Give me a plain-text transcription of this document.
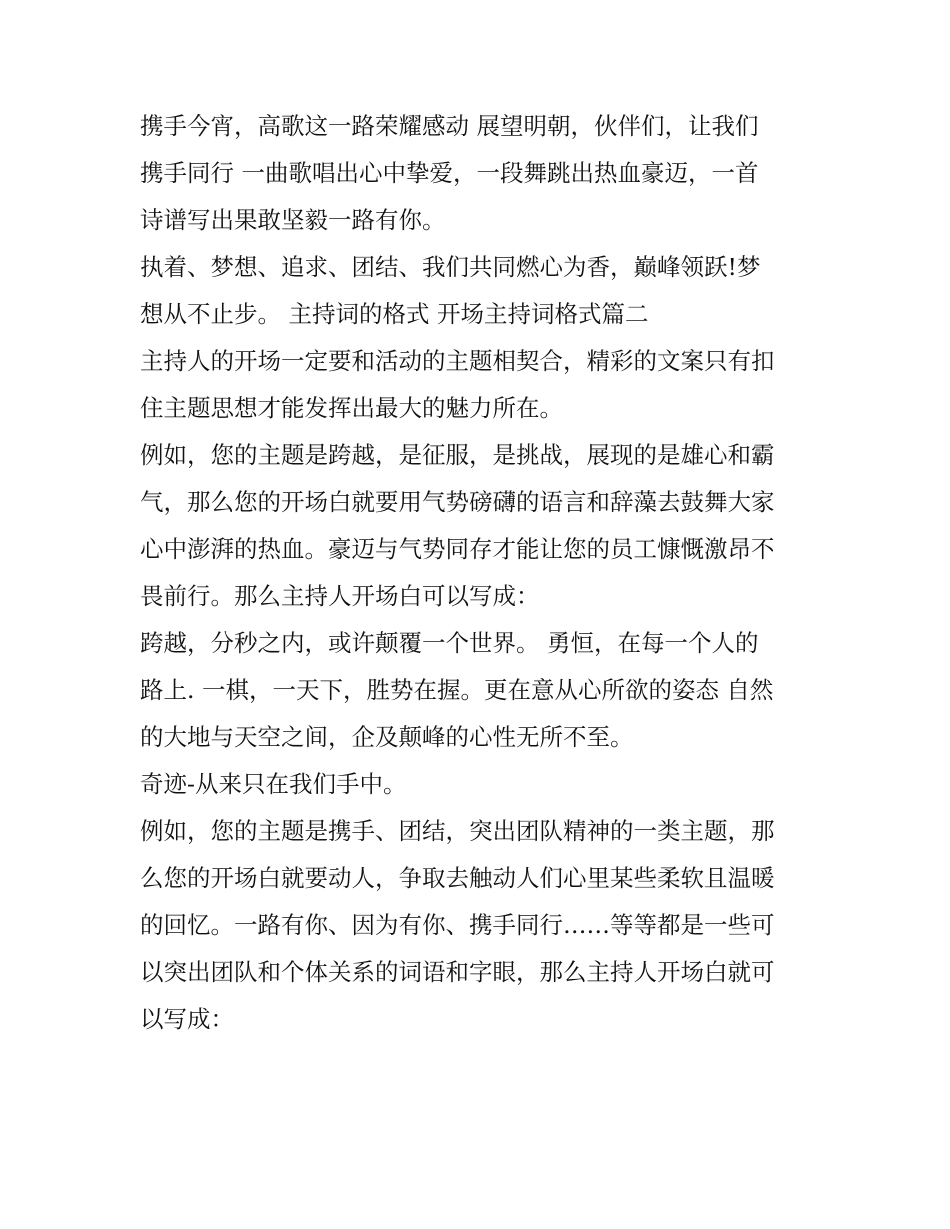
携手今宵，高歌这一路荣耀感动 展望明朝，伙伴们，让我们
携手同行 一曲歌唱出心中挚爱，一段舞跳出热血豪迈，一首
诗谱写出果敢坚毅一路有你。
执着、梦想、追求、团结、我们共同燃心为香，巅峰领跃!梦
想从不止步。 主持词的格式 开场主持词格式篇二
主持人的开场一定要和活动的主题相契合，精彩的文案只有扣
住主题思想才能发挥出最大的魅力所在。
例如，您的主题是跨越，是征服，是挑战，展现的是雄心和霸
气，那么您的开场白就要用气势磅礴的语言和辞藻去鼓舞大家
心中澎湃的热血。豪迈与气势同存才能让您的员工慷慨激昂不
畏前行。那么主持人开场白可以写成：
跨越，分秒之内，或许颠覆一个世界。 勇恒，在每一个人的
路上. 一棋，一天下，胜势在握。更在意从心所欲的姿态 自然
的大地与天空之间，企及颠峰的心性无所不至。
奇迹-从来只在我们手中。
例如，您的主题是携手、团结，突出团队精神的一类主题，那
么您的开场白就要动人，争取去触动人们心里某些柔软且温暖
的回忆。一路有你、因为有你、携手同行……等等都是一些可
以突出团队和个体关系的词语和字眼，那么主持人开场白就可
以写成：
